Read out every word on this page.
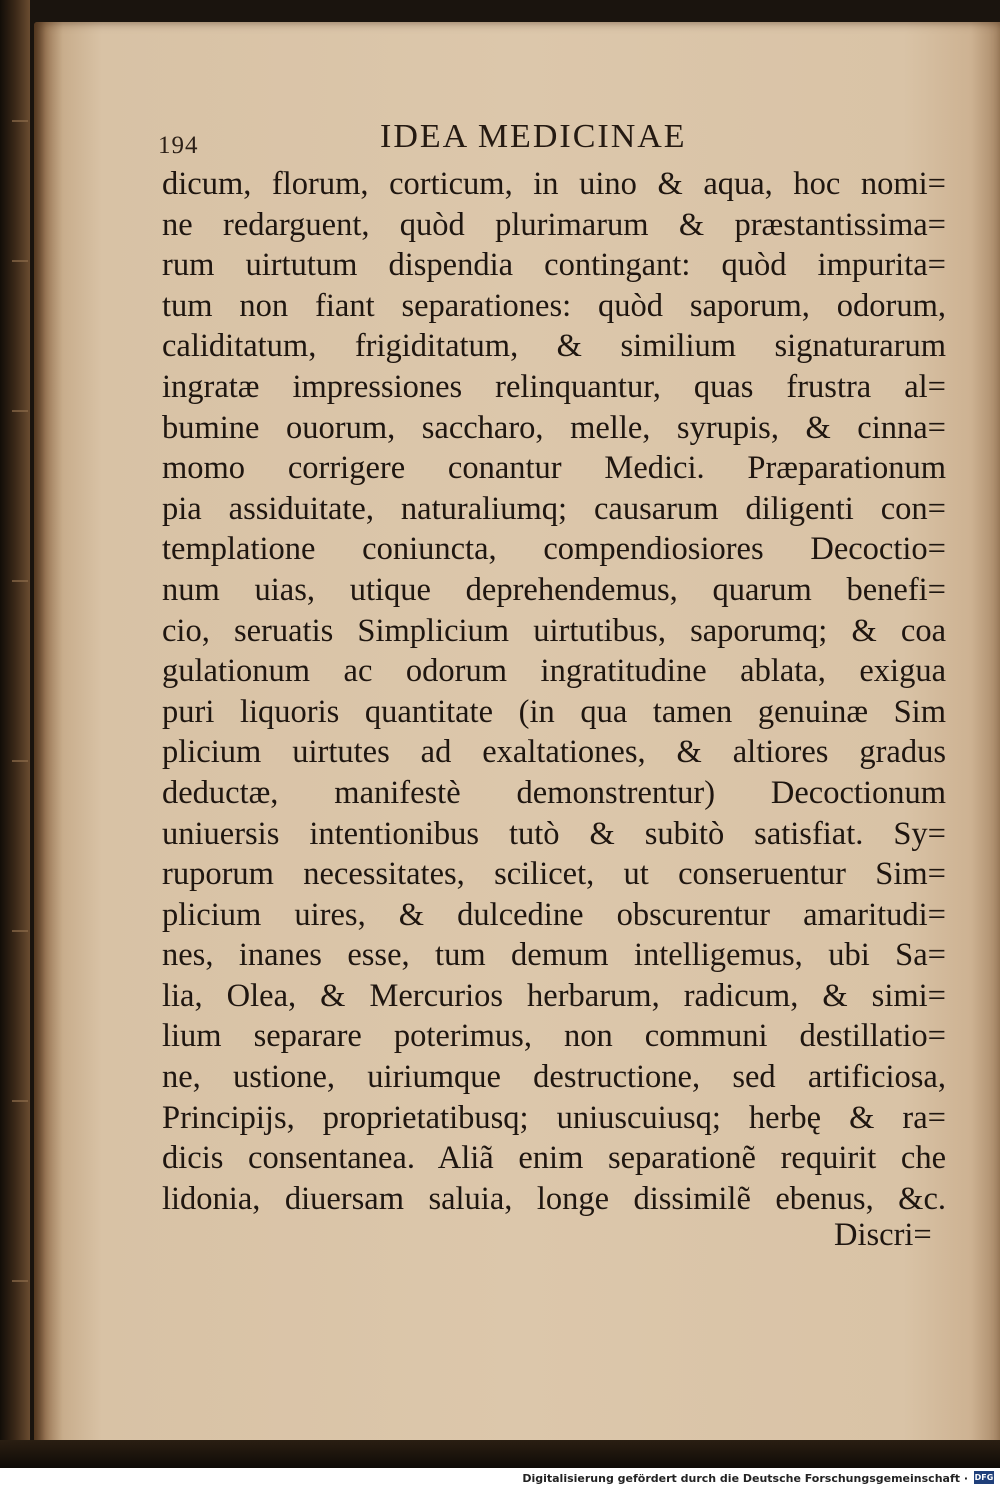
194	IDEA MEDICINAE
dicum, florum, corticum, in uino & aqua, hoc nomi=
ne redarguent, quòd plurimarum & præstantissima=
rum uirtutum dispendia contingant: quòd impurita=
tum non fiant separationes: quòd saporum, odorum,
caliditatum, frigiditatum, & similium signaturarum
ingratæ impressiones relinquantur, quas frustra al=
bumine ouorum, saccharo, melle, syrupis, & cinna=
momo corrigere conantur Medici. Præparationum
pia assiduitate, naturaliumq; causarum diligenti con=
templatione coniuncta, compendiosiores Decoctio=
num uias, utique deprehendemus, quarum benefi=
cio, seruatis Simplicium uirtutibus, saporumq; & coa
gulationum ac odorum ingratitudine ablata, exigua
puri liquoris quantitate (in qua tamen genuinæ Sim
plicium uirtutes ad exaltationes, & altiores gradus
deductæ, manifestè demonstrentur) Decoctionum
uniuersis intentionibus tutò & subitò satisfiat. Sy=
ruporum necessitates, scilicet, ut conseruentur Sim=
plicium uires, & dulcedine obscurentur amaritudi=
nes, inanes esse, tum demum intelligemus, ubi Sa=
lia, Olea, & Mercurios herbarum, radicum, & simi=
lium separare poterimus, non communi destillatio=
ne, ustione, uiriumque destructione, sed artificiosa,
Principijs, proprietatibusq; uniuscuiusq; herbę & ra=
dicis consentanea. Aliã enim separationẽ requirit che
lidonia, diuersam saluia, longe dissimilẽ ebenus, &c.
Discri=
Digitalisierung gefördert durch die Deutsche Forschungsgemeinschaft · DFG
